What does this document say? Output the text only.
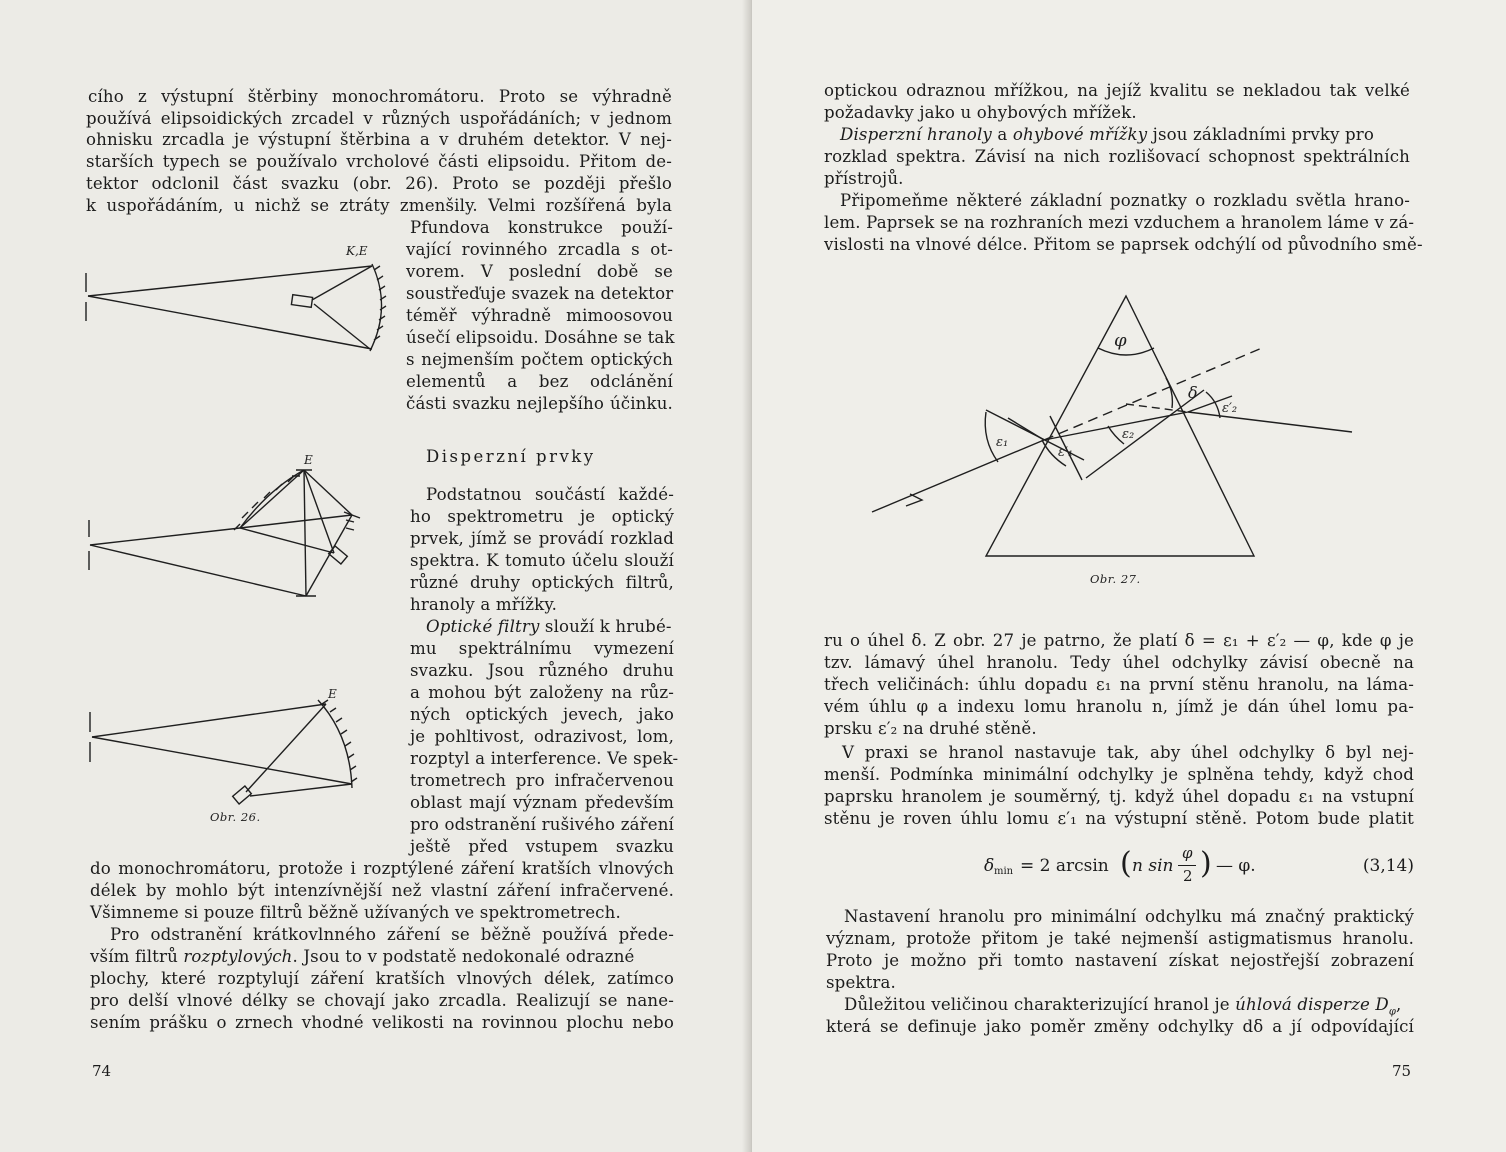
cího z výstupní štěrbiny monochromátoru. Proto se výhradně
používá elipsoidických zrcadel v různých uspořádáních; v jednom
ohnisku zrcadla je výstupní štěrbina a v druhém detektor. V nej-
starších typech se používalo vrcholové části elipsoidu. Přitom de-
tektor odclonil část svazku (obr. 26). Proto se později přešlo
k uspořádáním, u nichž se ztráty zmenšily. Velmi rozšířená byla
Pfundova konstrukce použí-
vající rovinného zrcadla s ot-
vorem. V poslední době se
soustřeďuje svazek na detektor
téměř výhradně mimoosovou
úsečí elipsoidu. Dosáhne se tak
s nejmenším počtem optických
elementů a bez odclánění
části svazku nejlepšího účinku.
Disperzní prvky
Podstatnou součástí každé-
ho spektrometru je optický
prvek, jímž se provádí rozklad
spektra. K tomuto účelu slouží
různé druhy optických filtrů,
hranoly a mřížky.
Optické filtry slouží k hrubé-
mu spektrálnímu vymezení
svazku. Jsou různého druhu
a mohou být založeny na růz-
ných optických jevech, jako
je pohltivost, odrazivost, lom,
rozptyl a interference. Ve spek-
trometrech pro infračervenou
oblast mají význam především
pro odstranění rušivého záření
ještě před vstupem svazku
do monochromátoru, protože i rozptýlené záření kratších vlnových
délek by mohlo být intenzívnější než vlastní záření infračervené.
Všimneme si pouze filtrů běžně užívaných ve spektrometrech.
Pro odstranění krátkovlnného záření se běžně používá přede-
vším filtrů rozptylových. Jsou to v podstatě nedokonalé odrazné
plochy, které rozptylují záření kratších vlnových délek, zatímco
pro delší vlnové délky se chovají jako zrcadla. Realizují se nane-
sením prášku o zrnech vhodné velikosti na rovinnou plochu nebo
74
K,E
E
E
Obr. 26.
optickou odraznou mřížkou, na jejíž kvalitu se nekladou tak velké
požadavky jako u ohybových mřížek.
Disperzní hranoly a ohybové mřížky jsou základními prvky pro
rozklad spektra. Závisí na nich rozlišovací schopnost spektrálních
přístrojů.
Připomeňme některé základní poznatky o rozkladu světla hrano-
lem. Paprsek se na rozhraních mezi vzduchem a hranolem láme v zá-
vislosti na vlnové délce. Přitom se paprsek odchýlí od původního smě-
φ
δ
ε₁
ε′₁
ε₂
ε′₂
Obr. 27.
ru o úhel δ. Z obr. 27 je patrno, že platí δ = ε₁ + ε′₂ — φ, kde φ je
tzv. lámavý úhel hranolu. Tedy úhel odchylky závisí obecně na
třech veličinách: úhlu dopadu ε₁ na první stěnu hranolu, na láma-
vém úhlu φ a indexu lomu hranolu n, jímž je dán úhel lomu pa-
prsku ε′₂ na druhé stěně.
V praxi se hranol nastavuje tak, aby úhel odchylky δ byl nej-
menší. Podmínka minimální odchylky je splněna tehdy, když chod
paprsku hranolem je souměrný, tj. když úhel dopadu ε₁ na vstupní
stěnu je roven úhlu lomu ε′₁ na výstupní stěně. Potom bude platit
δ min = 2 arcsin ( n sin
φ
2 ) — φ.	(3,14)
Nastavení hranolu pro minimální odchylku má značný praktický
význam, protože přitom je také nejmenší astigmatismus hranolu.
Proto je možno při tomto nastavení získat nejostřejší zobrazení
spektra.
Důležitou veličinou charakterizující hranol je úhlová disperze $D_\varphi$,
která se definuje jako poměr změny odchylky dδ a jí odpovídající
75
